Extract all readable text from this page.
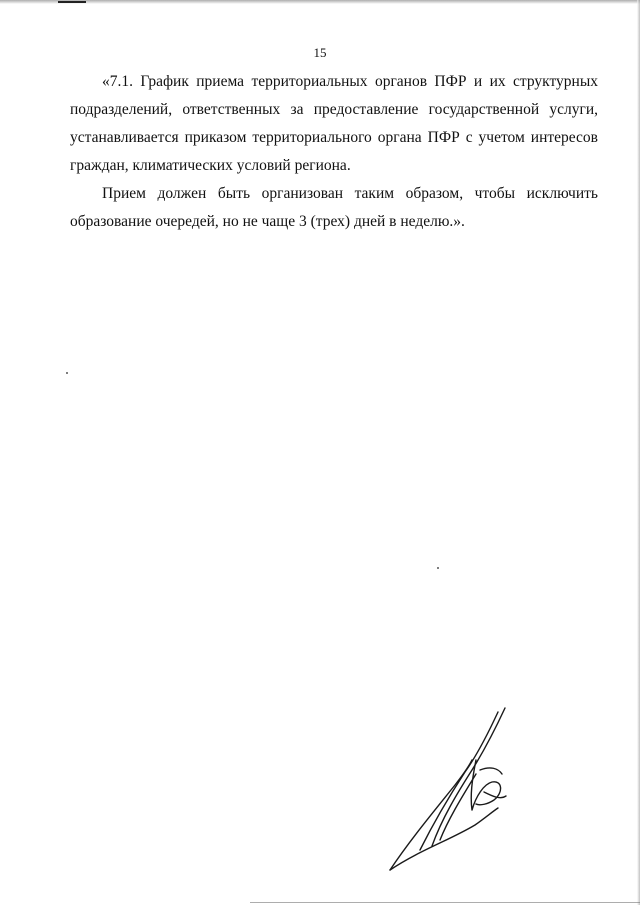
15

«7.1. График приема территориальных органов ПФР и их структурных подразделений, ответственных за предоставление государственной услуги, устанавливается приказом территориального органа ПФР с учетом интересов граждан, климатических условий региона.

Прием должен быть организован таким образом, чтобы исключить образование очередей, но не чаще 3 (трех) дней в неделю.».
